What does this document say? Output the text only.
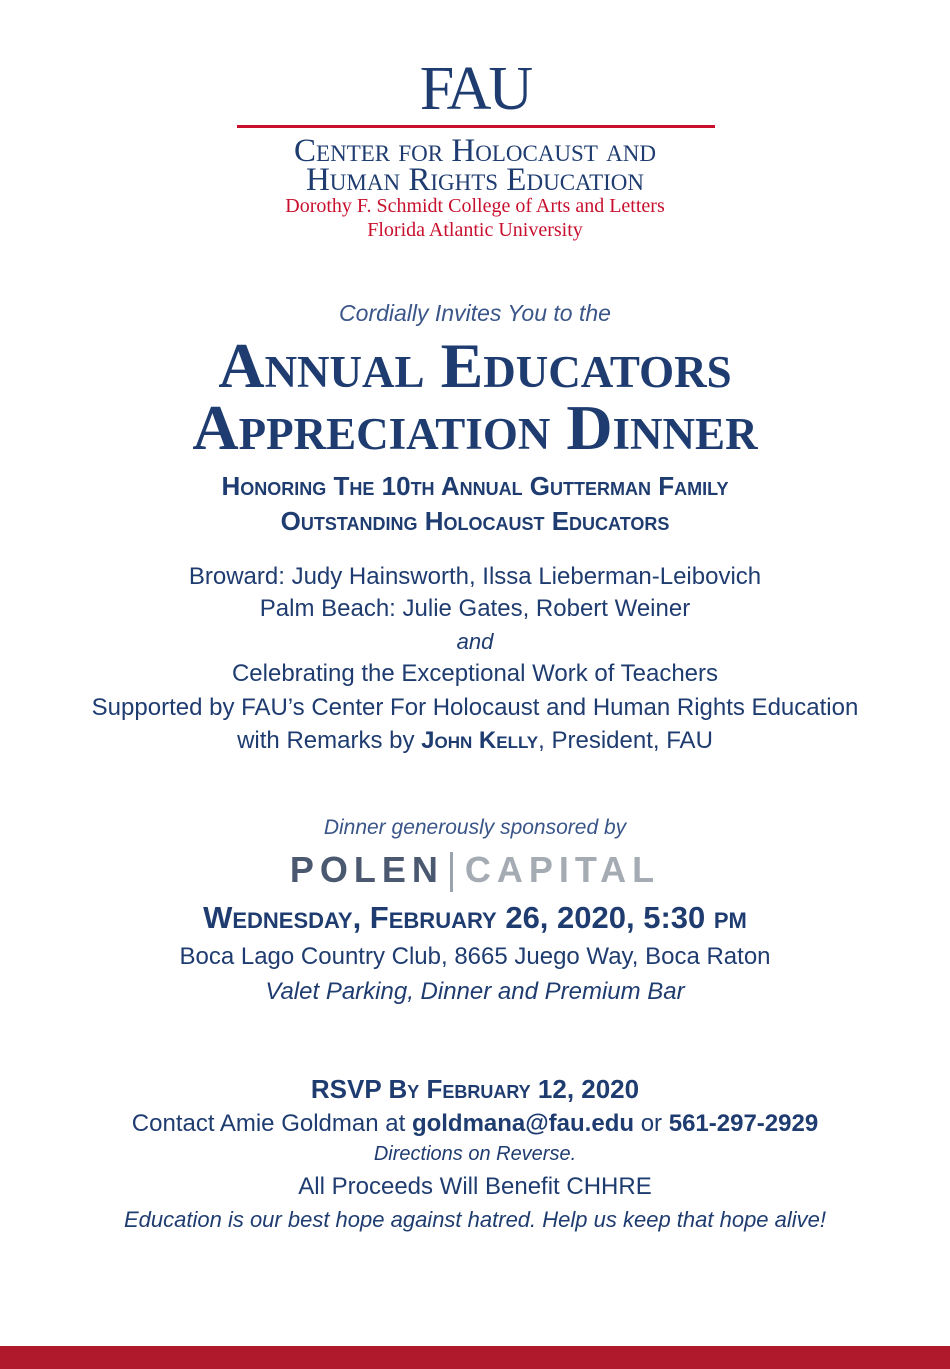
FAU
Center for Holocaust and
Human Rights Education
Dorothy F. Schmidt College of Arts and Letters
Florida Atlantic University
Cordially Invites You to the
Annual Educators
Appreciation Dinner
Honoring The 10th Annual Gutterman Family
Outstanding Holocaust Educators
Broward: Judy Hainsworth, Ilssa Lieberman-Leibovich
Palm Beach: Julie Gates, Robert Weiner
and
Celebrating the Exceptional Work of Teachers
Supported by FAU’s Center For Holocaust and Human Rights Education
with Remarks by John Kelly, President, FAU
Dinner generously sponsored by
POLEN CAPITAL
Wednesday, February 26, 2020, 5:30 pm
Boca Lago Country Club, 8665 Juego Way, Boca Raton
Valet Parking, Dinner and Premium Bar
RSVP By February 12, 2020
Contact Amie Goldman at goldmana@fau.edu or 561-297-2929
Directions on Reverse.
All Proceeds Will Benefit CHHRE
Education is our best hope against hatred. Help us keep that hope alive!
